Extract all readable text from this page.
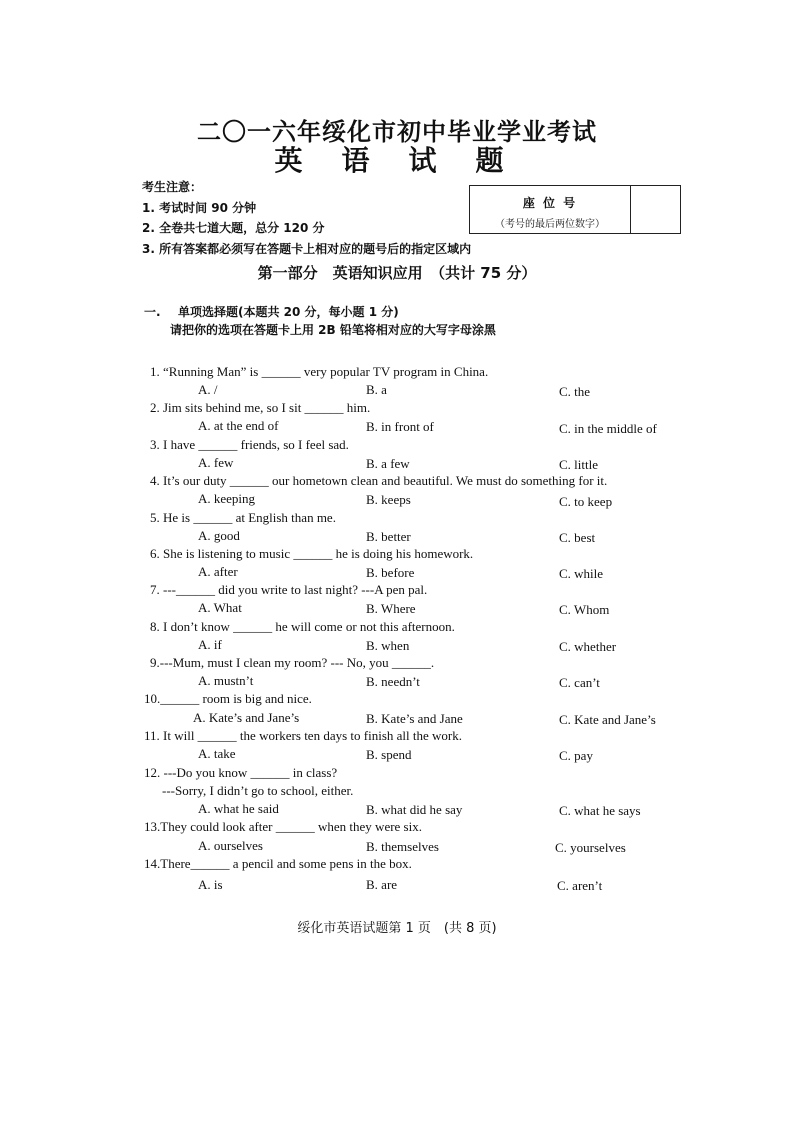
二〇一六年绥化市初中毕业学业考试
英 语 试 题
考生注意：
1. 考试时间 90 分钟
2. 全卷共七道大题，总分 120 分
3. 所有答案都必须写在答题卡上相对应的题号后的指定区域内
座 位 号
（考号的最后两位数字）
第一部分　英语知识应用　（共计 75 分）
一. 单项选择题(本题共 20 分，每小题 1 分)
请把你的选项在答题卡上用 2B 铅笔将相对应的大写字母涂黑
1. “Running Man” is ______ very popular TV program in China.
A. /	B. a	C. the
2. Jim sits behind me, so I sit ______ him.
A. at the end of	B. in front of	C. in the middle of
3. I have ______ friends, so I feel sad.
A. few	B. a few	C. little
4. It’s our duty ______ our hometown clean and beautiful. We must do something for it.
A. keeping	B. keeps	C. to keep
5. He is ______ at English than me.
A. good	B. better	C. best
6. She is listening to music ______ he is doing his homework.
A. after	B. before	C. while
7. ---______ did you write to last night? ---A pen pal.
A. What	B. Where	C. Whom
8. I don’t know ______ he will come or not this afternoon.
A. if	B. when	C. whether
9.---Mum, must I clean my room? --- No, you ______.
A. mustn’t	B. needn’t	C. can’t
10.______ room is big and nice.
A. Kate’s and Jane’s	B. Kate’s and Jane	C. Kate and Jane’s
11. It will ______ the workers ten days to finish all the work.
A. take	B. spend	C. pay
12. ---Do you know ______ in class?
---Sorry, I didn’t go to school, either.
A. what he said	B. what did he say	C. what he says
13.They could look after ______ when they were six.
A. ourselves	B. themselves	C. yourselves
14.There______ a pencil and some pens in the box.
A. is	B. are	C. aren’t
绥化市英语试题第 1 页　(共 8 页)
